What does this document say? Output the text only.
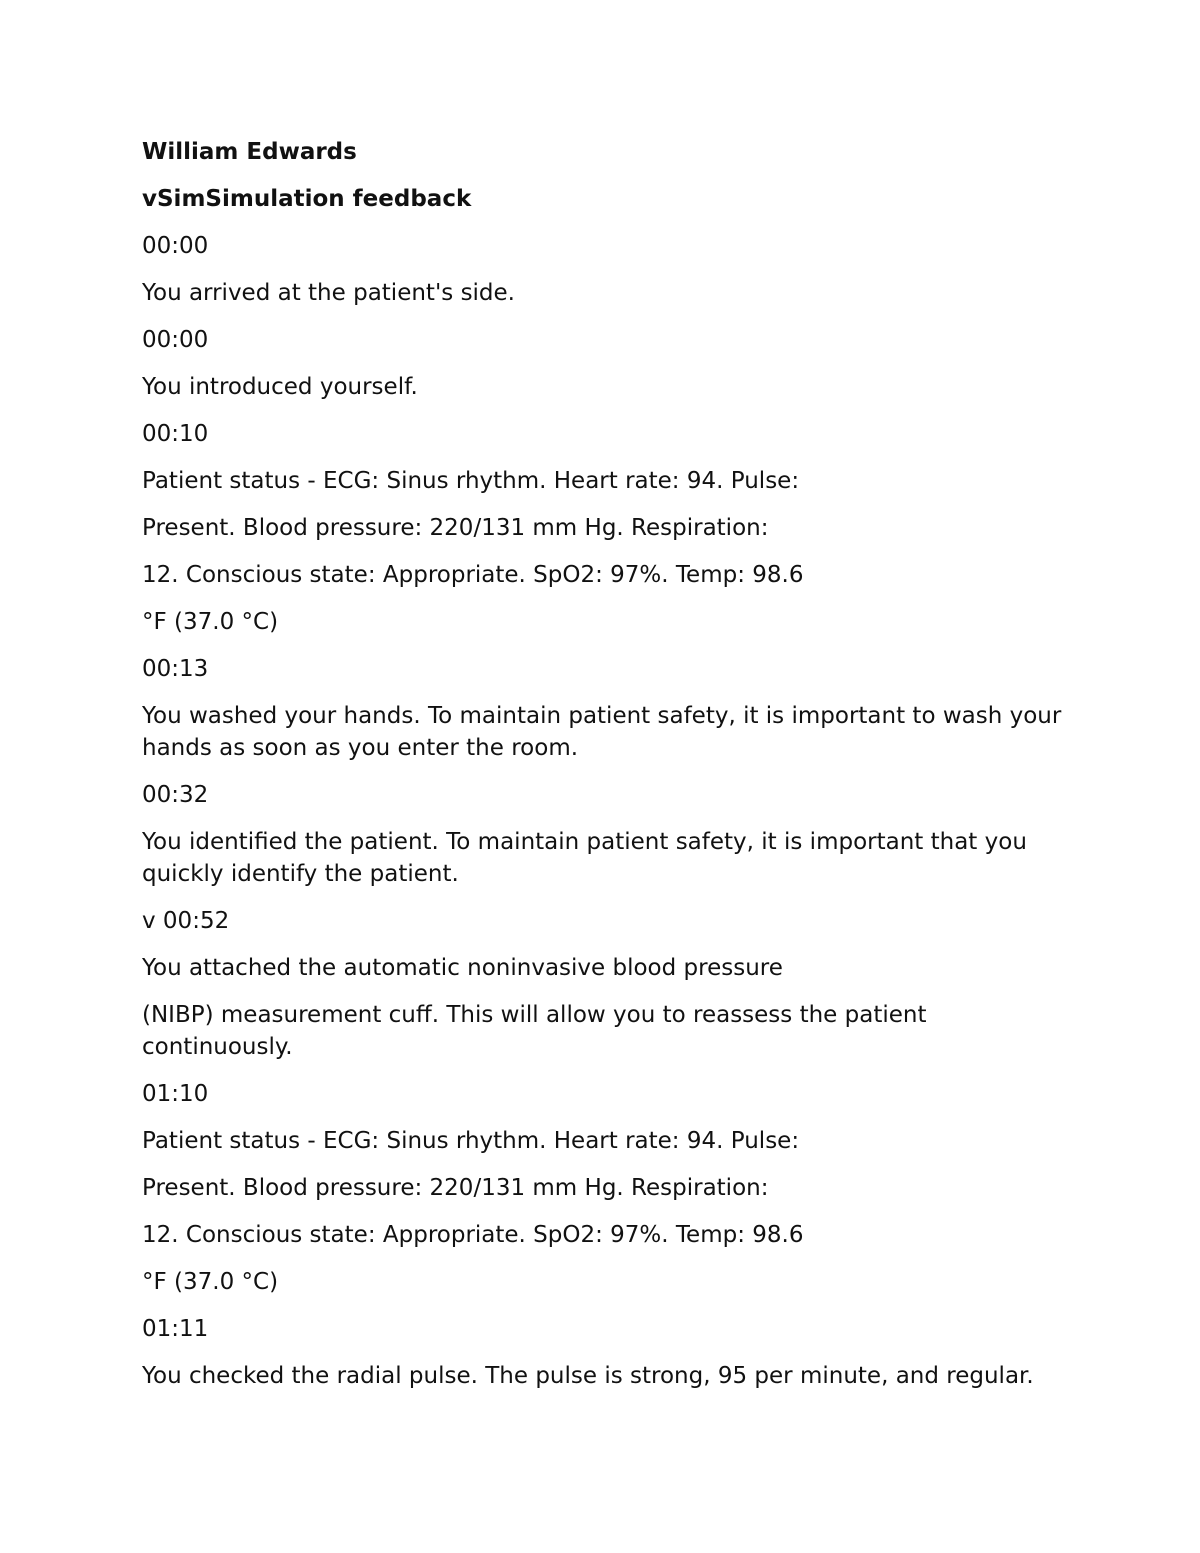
William Edwards

vSimSimulation feedback

00:00

You arrived at the patient's side.

00:00

You introduced yourself.

00:10

Patient status - ECG: Sinus rhythm. Heart rate: 94. Pulse:

Present. Blood pressure: 220/131 mm Hg. Respiration:

12. Conscious state: Appropriate. SpO2: 97%. Temp: 98.6

°F (37.0 °C)

00:13

You washed your hands. To maintain patient safety, it is important to wash your hands as soon as you enter the room.

00:32

You identified the patient. To maintain patient safety, it is important that you quickly identify the patient.

v 00:52

You attached the automatic noninvasive blood pressure

(NIBP) measurement cuff. This will allow you to reassess the patient continuously.

01:10

Patient status - ECG: Sinus rhythm. Heart rate: 94. Pulse:

Present. Blood pressure: 220/131 mm Hg. Respiration:

12. Conscious state: Appropriate. SpO2: 97%. Temp: 98.6

°F (37.0 °C)

01:11

You checked the radial pulse. The pulse is strong, 95 per minute, and regular.
